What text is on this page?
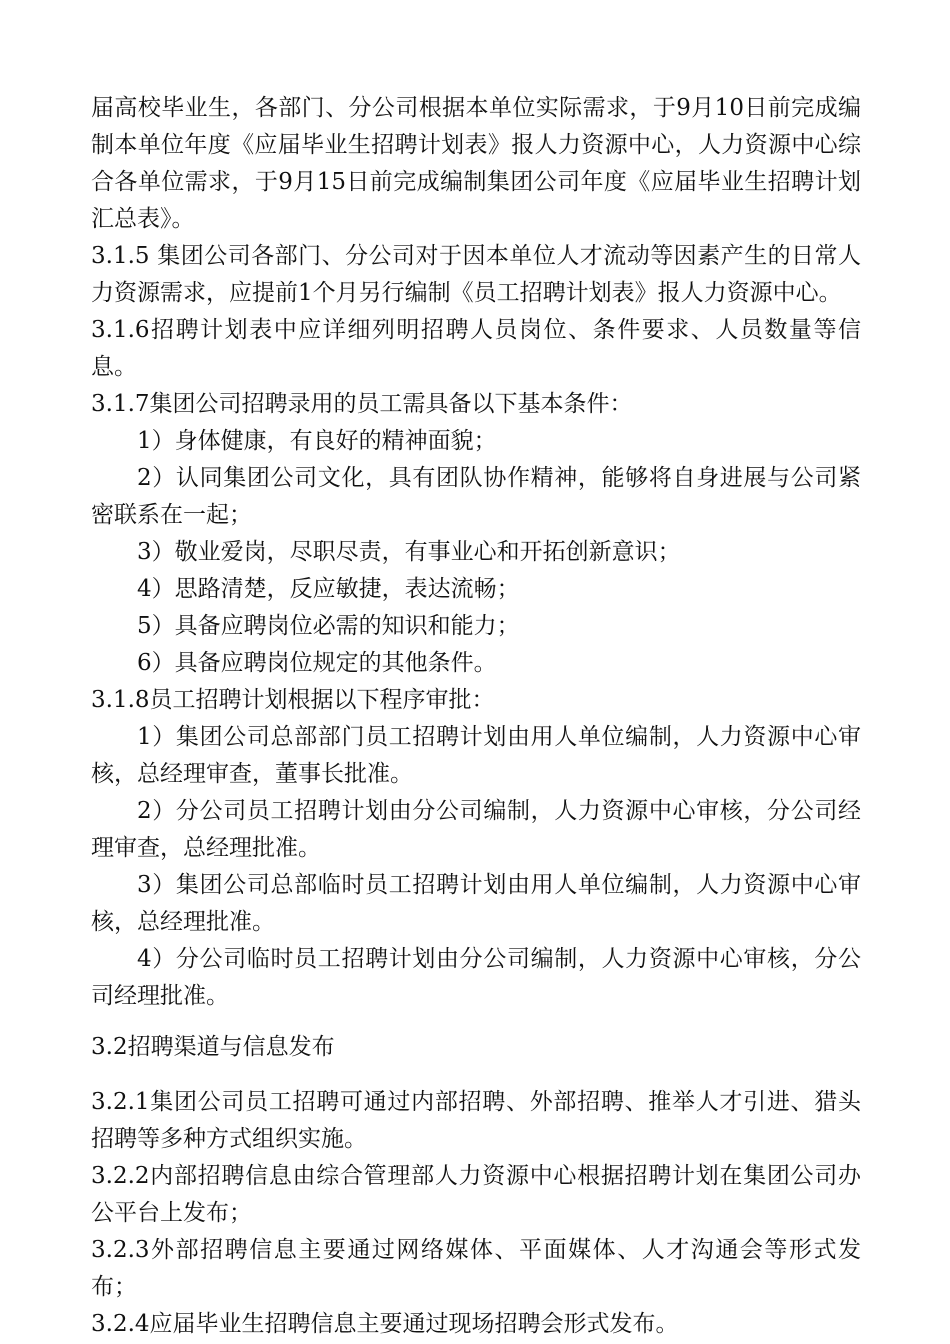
届高校毕业生，各部门、分公司根据本单位实际需求，于9月10日前完成编制本单位年度《应届毕业生招聘计划表》报人力资源中心，人力资源中心综合各单位需求，于9月15日前完成编制集团公司年度《应届毕业生招聘计划汇总表》。

3.1.5 集团公司各部门、分公司对于因本单位人才流动等因素产生的日常人力资源需求，应提前1个月另行编制《员工招聘计划表》报人力资源中心。

3.1.6招聘计划表中应详细列明招聘人员岗位、条件要求、人员数量等信息。

3.1.7集团公司招聘录用的员工需具备以下基本条件：

1）身体健康，有良好的精神面貌；

2）认同集团公司文化，具有团队协作精神，能够将自身进展与公司紧密联系在一起；

3）敬业爱岗，尽职尽责，有事业心和开拓创新意识；

4）思路清楚，反应敏捷，表达流畅；

5）具备应聘岗位必需的知识和能力；

6）具备应聘岗位规定的其他条件。

3.1.8员工招聘计划根据以下程序审批：

1）集团公司总部部门员工招聘计划由用人单位编制，人力资源中心审核，总经理审查，董事长批准。

2）分公司员工招聘计划由分公司编制，人力资源中心审核，分公司经理审查，总经理批准。

3）集团公司总部临时员工招聘计划由用人单位编制，人力资源中心审核，总经理批准。

4）分公司临时员工招聘计划由分公司编制，人力资源中心审核，分公司经理批准。

3.2招聘渠道与信息发布

3.2.1集团公司员工招聘可通过内部招聘、外部招聘、推举人才引进、猎头招聘等多种方式组织实施。

3.2.2内部招聘信息由综合管理部人力资源中心根据招聘计划在集团公司办公平台上发布；

3.2.3外部招聘信息主要通过网络媒体、平面媒体、人才沟通会等形式发布；

3.2.4应届毕业生招聘信息主要通过现场招聘会形式发布。
